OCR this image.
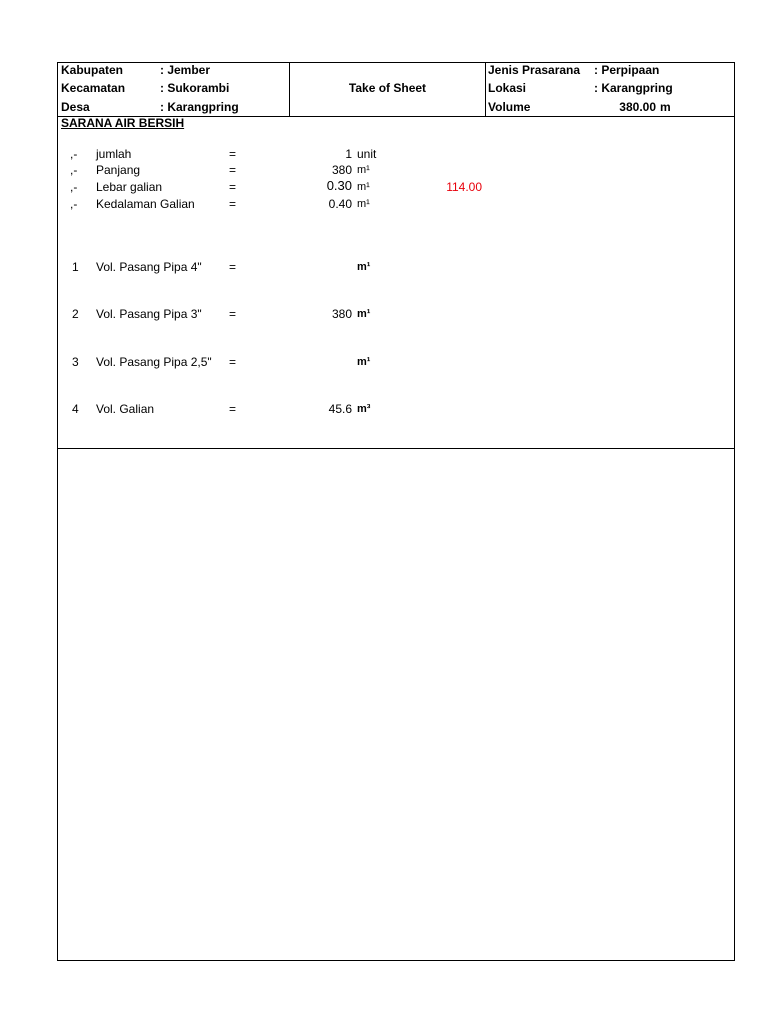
Kabupaten	: Jember
Kecamatan	: Sukorambi
Desa	: Karangpring
Take of Sheet
Jenis Prasarana : Perpipaan
Lokasi	: Karangpring
Volume	380.00 m
SARANA AIR BERSIH
,- jumlah	=	1 unit
,- Panjang	=	380 m¹
,- Lebar galian	=	0.30 m¹	114.00
,- Kedalaman Galian	=	0.40 m¹
1 Vol. Pasang Pipa 4" =	m¹
2 Vol. Pasang Pipa 3" =	380 m¹
3 Vol. Pasang Pipa 2,5" =	m¹
4 Vol. Galian	=	45.6 m³
